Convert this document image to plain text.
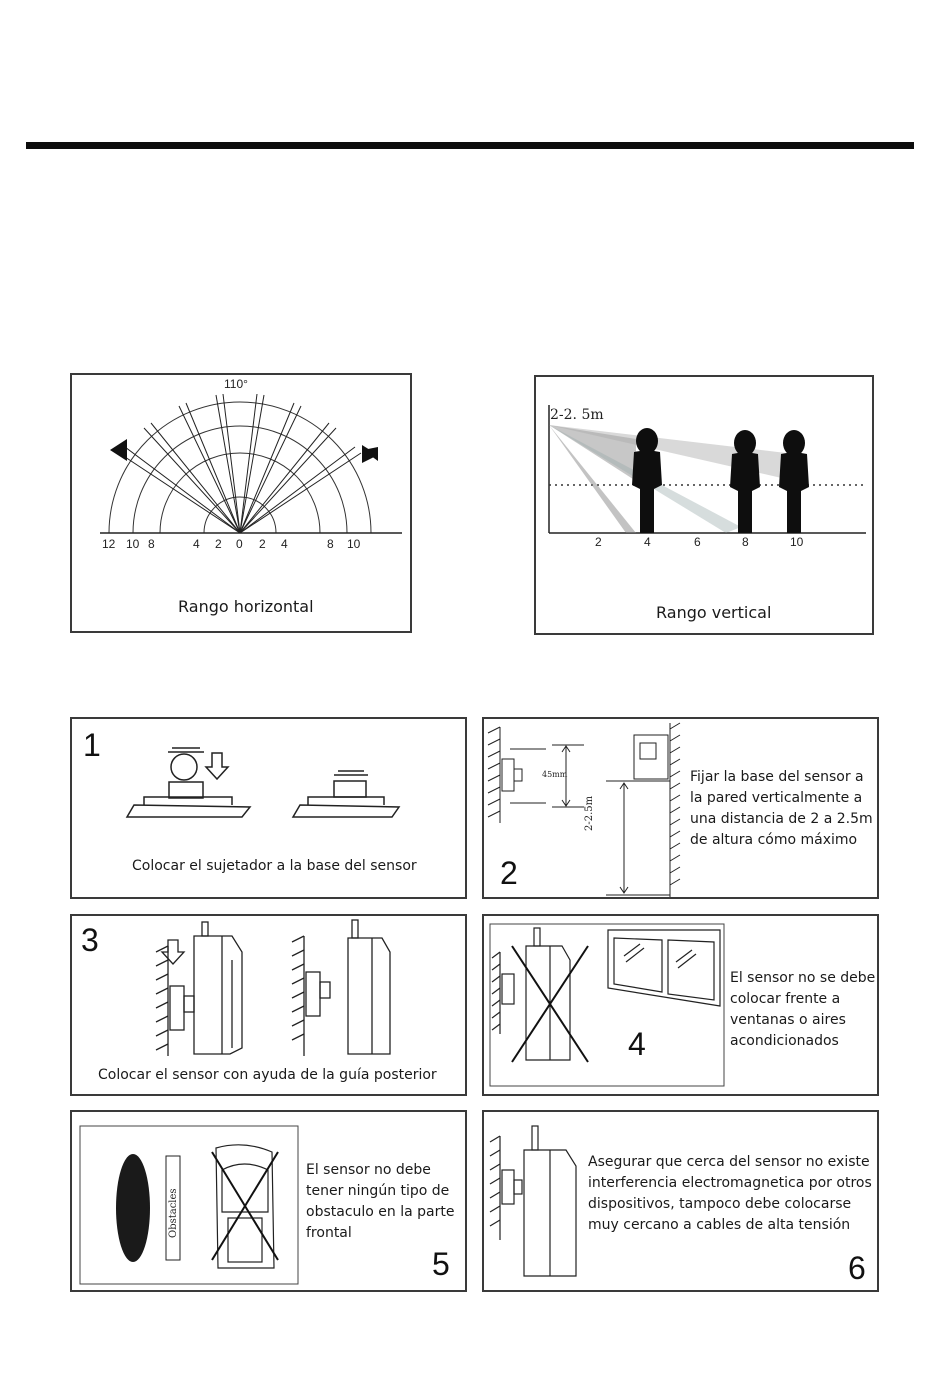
110°
12 10 8	4 2 0 2 4	8 10
Rango horizontal
2-2. 5m
2	4	6	8	10
Rango vertical
1
Colocar el sujetador a la base del sensor
45mm
2-2.5m
Fijar la base del sensor a
la pared verticalmente a
una distancia de 2 a 2.5m
de altura cómo máximo
2
3
Colocar el sensor con ayuda de la guía posterior
4
El sensor no se debe
colocar frente a
ventanas o aires
acondicionados
Obstacles
El sensor no debe
tener ningún tipo de
obstaculo en la parte
frontal
5
Asegurar que cerca del sensor no existe
interferencia electromagnetica por otros
dispositivos, tampoco debe colocarse
muy cercano a cables de alta tensión
6
